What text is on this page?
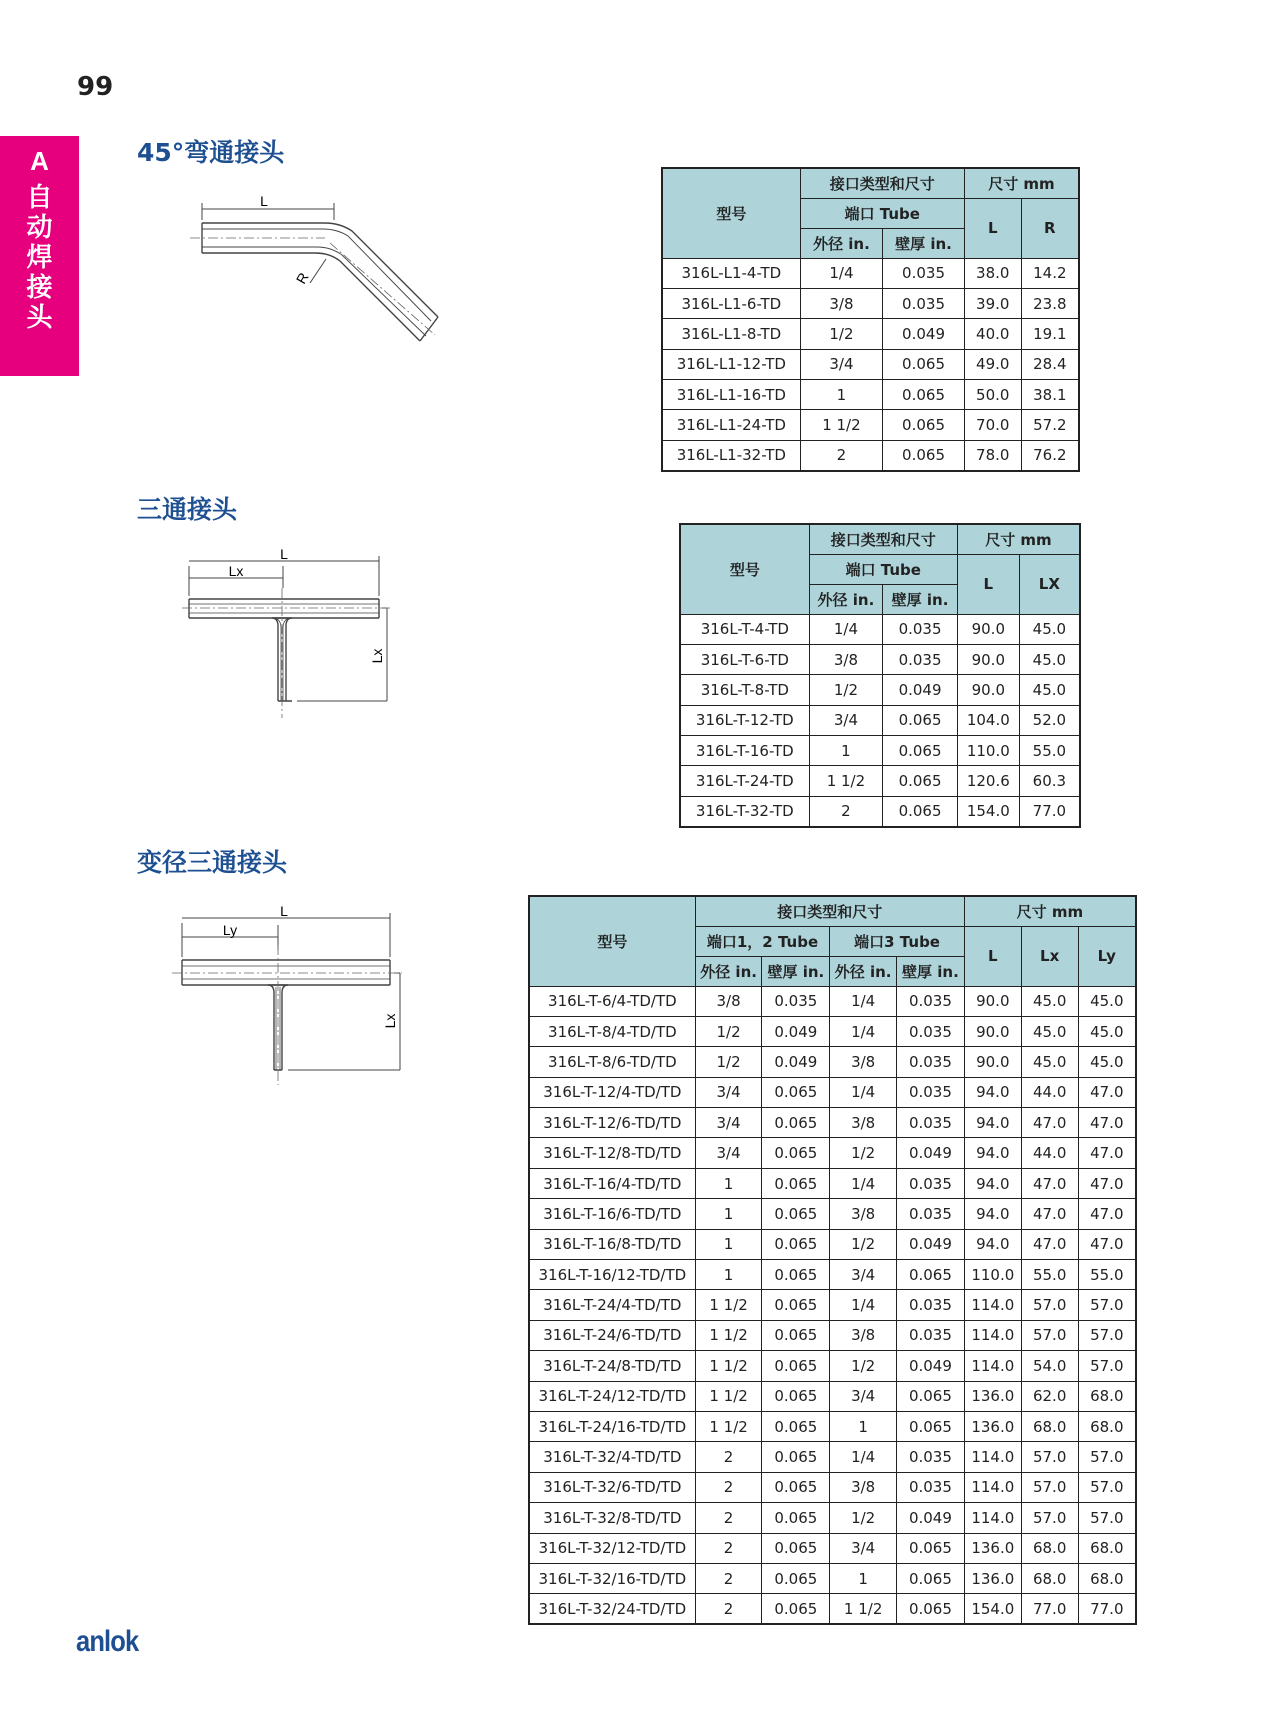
99
A
自动焊接头
45°弯通接头
L
R
型号	接口类型和尺寸		尺寸 mm	
	端口 Tube		L	R
	外径 in.	壁厚 in.		
316L-L1-4-TD	1/4	0.035	38.0	14.2
316L-L1-6-TD	3/8	0.035	39.0	23.8
316L-L1-8-TD	1/2	0.049	40.0	19.1
316L-L1-12-TD	3/4	0.065	49.0	28.4
316L-L1-16-TD	1	0.065	50.0	38.1
316L-L1-24-TD	1 1/2	0.065	70.0	57.2
316L-L1-32-TD	2	0.065	78.0	76.2
三通接头
L
Lx
Lx
型号	接口类型和尺寸		尺寸 mm	
	端口 Tube		L	LX
	外径 in.	壁厚 in.		
316L-T-4-TD	1/4	0.035	90.0	45.0
316L-T-6-TD	3/8	0.035	90.0	45.0
316L-T-8-TD	1/2	0.049	90.0	45.0
316L-T-12-TD	3/4	0.065	104.0	52.0
316L-T-16-TD	1	0.065	110.0	55.0
316L-T-24-TD	1 1/2	0.065	120.6	60.3
316L-T-32-TD	2	0.065	154.0	77.0
变径三通接头
L
Ly
Lx
型号	接口类型和尺寸				尺寸 mm		
	端口1，2 Tube		端口3 Tube		L	Lx	Ly
	外径 in.	壁厚 in.	外径 in.	壁厚 in.			
316L-T-6/4-TD/TD	3/8	0.035	1/4	0.035	90.0	45.0	45.0
316L-T-8/4-TD/TD	1/2	0.049	1/4	0.035	90.0	45.0	45.0
316L-T-8/6-TD/TD	1/2	0.049	3/8	0.035	90.0	45.0	45.0
316L-T-12/4-TD/TD	3/4	0.065	1/4	0.035	94.0	44.0	47.0
316L-T-12/6-TD/TD	3/4	0.065	3/8	0.035	94.0	47.0	47.0
316L-T-12/8-TD/TD	3/4	0.065	1/2	0.049	94.0	44.0	47.0
316L-T-16/4-TD/TD	1	0.065	1/4	0.035	94.0	47.0	47.0
316L-T-16/6-TD/TD	1	0.065	3/8	0.035	94.0	47.0	47.0
316L-T-16/8-TD/TD	1	0.065	1/2	0.049	94.0	47.0	47.0
316L-T-16/12-TD/TD	1	0.065	3/4	0.065	110.0	55.0	55.0
316L-T-24/4-TD/TD	1 1/2	0.065	1/4	0.035	114.0	57.0	57.0
316L-T-24/6-TD/TD	1 1/2	0.065	3/8	0.035	114.0	57.0	57.0
316L-T-24/8-TD/TD	1 1/2	0.065	1/2	0.049	114.0	54.0	57.0
316L-T-24/12-TD/TD	1 1/2	0.065	3/4	0.065	136.0	62.0	68.0
316L-T-24/16-TD/TD	1 1/2	0.065	1	0.065	136.0	68.0	68.0
316L-T-32/4-TD/TD	2	0.065	1/4	0.035	114.0	57.0	57.0
316L-T-32/6-TD/TD	2	0.065	3/8	0.035	114.0	57.0	57.0
316L-T-32/8-TD/TD	2	0.065	1/2	0.049	114.0	57.0	57.0
316L-T-32/12-TD/TD	2	0.065	3/4	0.065	136.0	68.0	68.0
316L-T-32/16-TD/TD	2	0.065	1	0.065	136.0	68.0	68.0
316L-T-32/24-TD/TD	2	0.065	1 1/2	0.065	154.0	77.0	77.0
anlok
